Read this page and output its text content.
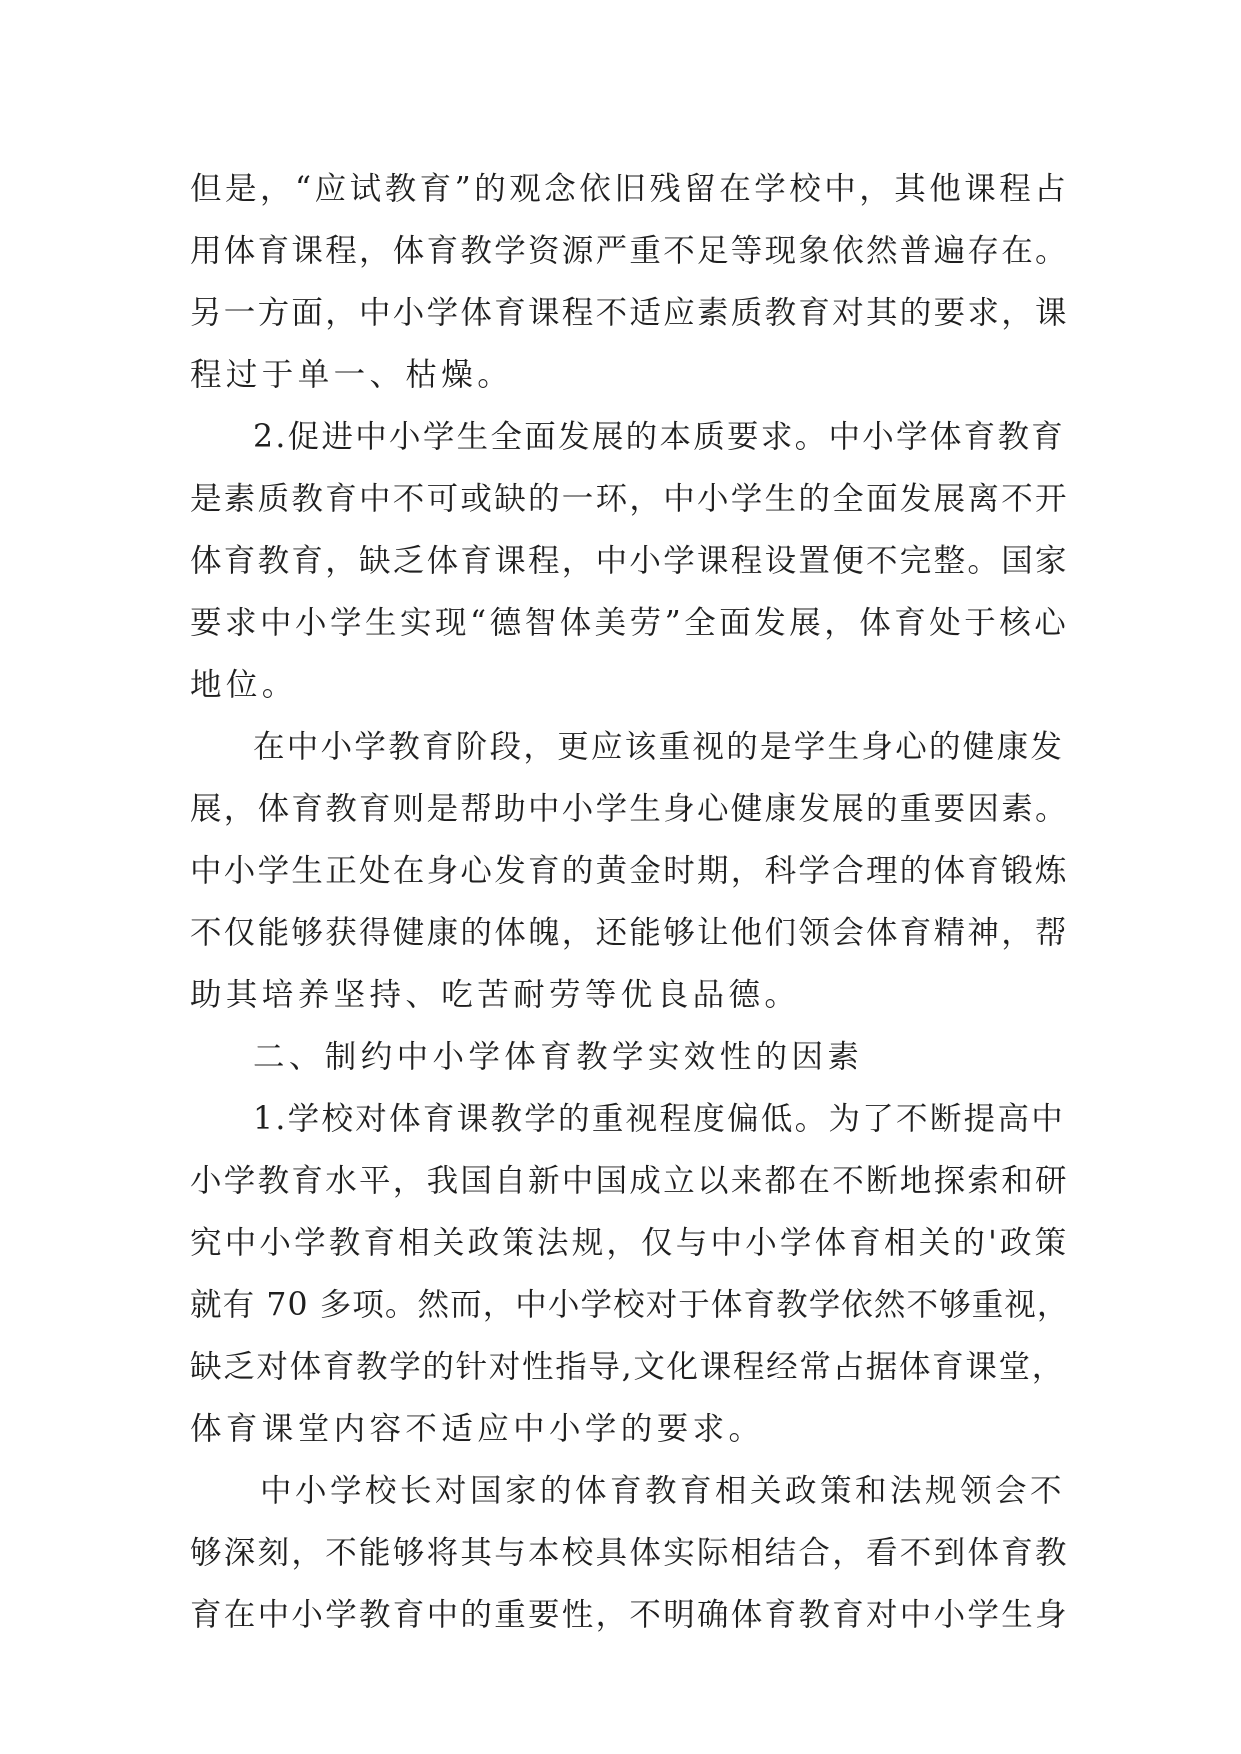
但是，“应试教育”的观念依旧残留在学校中，其他课程占

用体育课程，体育教学资源严重不足等现象依然普遍存在。

另一方面，中小学体育课程不适应素质教育对其的要求，课

程过于单一、枯燥。

2.促进中小学生全面发展的本质要求。中小学体育教育

是素质教育中不可或缺的一环，中小学生的全面发展离不开

体育教育，缺乏体育课程，中小学课程设置便不完整。国家

要求中小学生实现“德智体美劳”全面发展，体育处于核心

地位。

在中小学教育阶段，更应该重视的是学生身心的健康发

展，体育教育则是帮助中小学生身心健康发展的重要因素。

中小学生正处在身心发育的黄金时期，科学合理的体育锻炼

不仅能够获得健康的体魄，还能够让他们领会体育精神，帮

助其培养坚持、吃苦耐劳等优良品德。

二、制约中小学体育教学实效性的因素

1.学校对体育课教学的重视程度偏低。为了不断提高中

小学教育水平，我国自新中国成立以来都在不断地探索和研

究中小学教育相关政策法规，仅与中小学体育相关的'政策

就有 70 多项。然而，中小学校对于体育教学依然不够重视，

缺乏对体育教学的针对性指导,文化课程经常占据体育课堂，

体育课堂内容不适应中小学的要求。

中小学校长对国家的体育教育相关政策和法规领会不

够深刻，不能够将其与本校具体实际相结合，看不到体育教

育在中小学教育中的重要性，不明确体育教育对中小学生身
